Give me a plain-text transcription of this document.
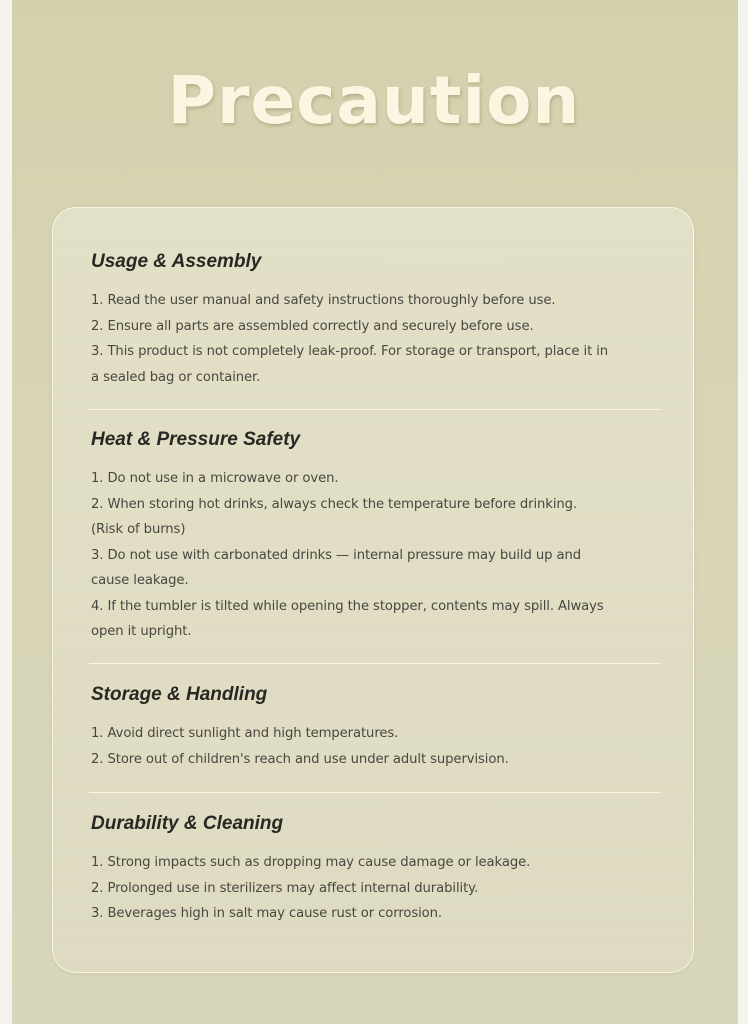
Precaution
Usage & Assembly
1. Read the user manual and safety instructions thoroughly before use.
2. Ensure all parts are assembled correctly and securely before use.
3. This product is not completely leak-proof. For storage or transport, place it in
a sealed bag or container.
Heat & Pressure Safety
1. Do not use in a microwave or oven.
2. When storing hot drinks, always check the temperature before drinking.
(Risk of burns)
3. Do not use with carbonated drinks — internal pressure may build up and
cause leakage.
4. If the tumbler is tilted while opening the stopper, contents may spill. Always
open it upright.
Storage & Handling
1. Avoid direct sunlight and high temperatures.
2. Store out of children's reach and use under adult supervision.
Durability & Cleaning
1. Strong impacts such as dropping may cause damage or leakage.
2. Prolonged use in sterilizers may affect internal durability.
3. Beverages high in salt may cause rust or corrosion.
